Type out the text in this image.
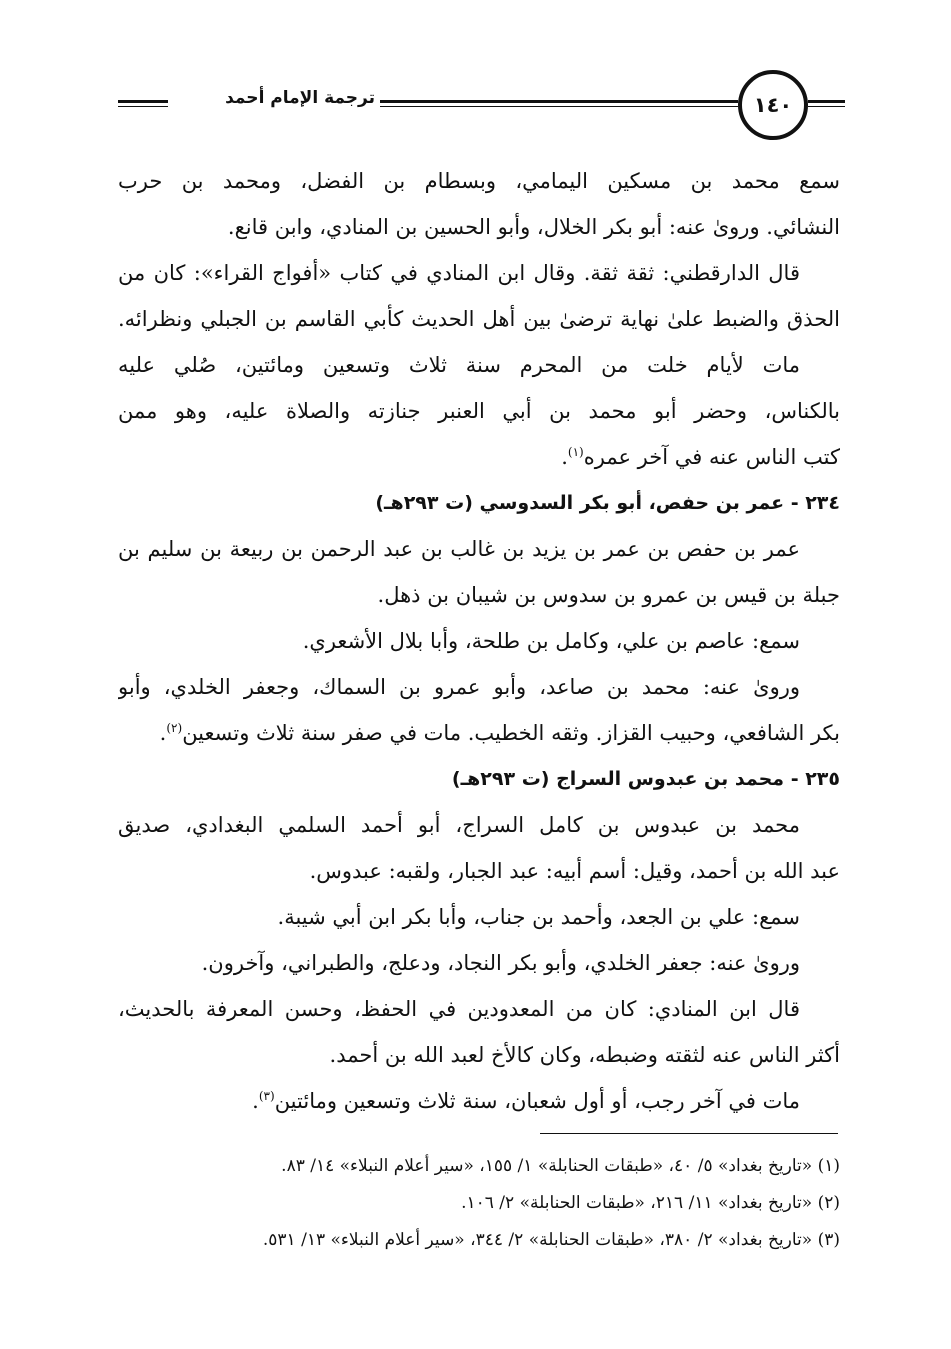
ترجمة الإمام أحمد	١٤٠
سمع محمد بن مسكين اليمامي، وبسطام بن الفضل، ومحمد بن حرب
النشائي. وروىٰ عنه: أبو بكر الخلال، وأبو الحسين بن المنادي، وابن قانع.
قال الدارقطني: ثقة ثقة. وقال ابن المنادي في كتاب «أفواج القراء»: كان من
الحذق والضبط علىٰ نهاية ترضىٰ بين أهل الحديث كأبي القاسم بن الجبلي ونظرائه.
مات لأيام خلت من المحرم سنة ثلاث وتسعين ومائتين، صُلي عليه
بالكناس، وحضر أبو محمد بن أبي العنبر جنازته والصلاة عليه، وهو ممن
كتب الناس عنه في آخر عمره$^{(١)}$.
٢٣٤ - عمر بن حفص، أبو بكر السدوسي (ت ٢٩٣هـ)
عمر بن حفص بن عمر بن يزيد بن غالب بن عبد الرحمن بن ربيعة بن سليم بن
جبلة بن قيس بن عمرو بن سدوس بن شيبان بن ذهل.
سمع: عاصم بن علي، وكامل بن طلحة، وأبا بلال الأشعري.
وروىٰ عنه: محمد بن صاعد، وأبو عمرو بن السماك، وجعفر الخلدي، وأبو
بكر الشافعي، وحبيب القزاز. وثقه الخطيب. مات في صفر سنة ثلاث وتسعين$^{(٢)}$.
٢٣٥ - محمد بن عبدوس السراج (ت ٢٩٣هـ)
محمد بن عبدوس بن كامل السراج، أبو أحمد السلمي البغدادي، صديق
عبد الله بن أحمد، وقيل: أسم أبيه: عبد الجبار، ولقبه: عبدوس.
سمع: علي بن الجعد، وأحمد بن جناب، وأبا بكر ابن أبي شيبة.
وروىٰ عنه: جعفر الخلدي، وأبو بكر النجاد، ودعلج، والطبراني، وآخرون.
قال ابن المنادي: كان من المعدودين في الحفظ، وحسن المعرفة بالحديث،
أكثر الناس عنه لثقته وضبطه، وكان كالأخ لعبد الله بن أحمد.
مات في آخر رجب، أو أول شعبان، سنة ثلاث وتسعين ومائتين$^{(٣)}$.
(١) «تاريخ بغداد» ٥/ ٤٠، «طبقات الحنابلة» ١/ ١٥٥، «سير أعلام النبلاء» ١٤/ ٨٣.
(٢) «تاريخ بغداد» ١١/ ٢١٦، «طبقات الحنابلة» ٢/ ١٠٦.
(٣) «تاريخ بغداد» ٢/ ٣٨٠، «طبقات الحنابلة» ٢/ ٣٤٤، «سير أعلام النبلاء» ١٣/ ٥٣١.
